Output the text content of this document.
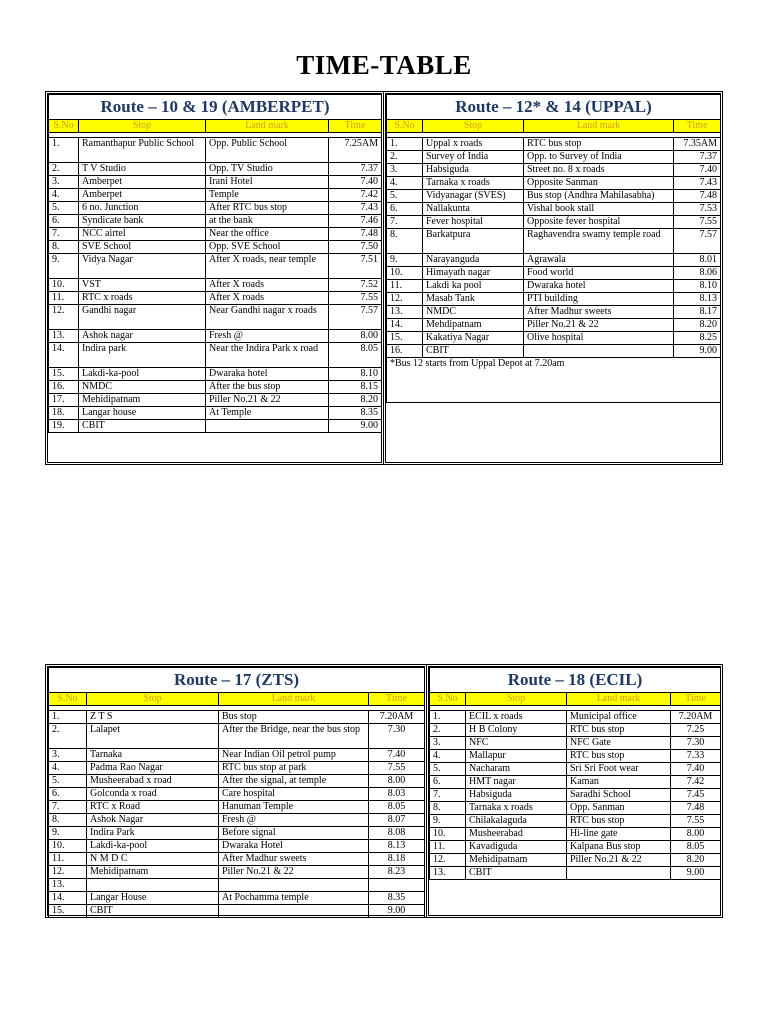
TIME-TABLE
Route – 10 & 19 (AMBERPET)			
S.No	Stop	Land mark	Time

1.	Ramanthapur Public School	Opp. Public School	7.25AM
2.	T V Studio	Opp. TV Studio	7.37
3.	Amberpet	Irani Hotel	7.40
4.	Amberpet	Temple	7.42
5.	6 no. Junction	After RTC bus stop	7.43
6.	Syndicate bank	at the bank	7.46
7.	NCC airtel	Near the office	7.48
8.	SVE School	Opp. SVE School	7.50
9.	Vidya Nagar	After X roads, near temple	7.51
10.	VST	After X roads	7.52
11.	RTC x roads	After X roads	7.55
12.	Gandhi nagar	Near Gandhi nagar x roads	7.57
13.	Ashok nagar	Fresh @	8.00
14.	Indira park	Near the Indira Park x road	8.05
15.	Lakdi-ka-pool	Dwaraka hotel	8.10
16.	NMDC	After the bus stop	8.15
17.	Mehidipatnam	Piller No.21 & 22	8.20
18.	Langar house	At Temple	8.35
19.	CBIT		9.00
Route – 12* & 14 (UPPAL)			
S.No	Stop	Land mark	Time

1.	Uppal x roads	RTC bus stop	7.35AM
2.	Survey of India	Opp. to Survey of India	7.37
3.	Habsiguda	Street no. 8 x roads	7.40
4.	Tarnaka x roads	Opposite Sanman	7.43
5.	Vidyanagar (SVES)	Bus stop (Andhra Mahilasabha)	7.48
6.	Nallakunta	Vishal book stall	7.53
7.	Fever hospital	Opposite fever hospital	7.55
8.	Barkatpura	Raghavendra swamy temple road	7.57
9.	Narayanguda	Agrawala	8.01
10.	Himayath nagar	Food world	8.06
11.	Lakdi ka pool	Dwaraka hotel	8.10
12.	Masab Tank	PTI building	8.13
13.	NMDC	After Madhur sweets	8.17
14.	Mehdipatnam	Piller No.21 & 22	8.20
15.	Kakatiya Nagar	Olive hospital	8.25
16.	CBIT		9.00
*Bus 12 starts from Uppal Depot at 7.20am			
Route – 17 (ZTS)			
S.No	Stop	Land mark	Time

1.	Z T S	Bus stop	7.20AM
2.	Lalapet	After the Bridge, near the bus stop	7.30
3.	Tarnaka	Near Indian Oil petrol pump	7.40
4.	Padma Rao Nagar	RTC bus stop at park	7.55
5.	Musheerabad x road	After the signal, at temple	8.00
6.	Golconda x road	Care hospital	8.03
7.	RTC x Road	Hanuman Temple	8.05
8.	Ashok Nagar	Fresh @	8.07
9.	Indira Park	Before signal	8.08
10.	Lakdi-ka-pool	Dwaraka Hotel	8.13
11.	N M D C	After Madhur sweets	8.18
12.	Mehidipatnam	Piller No.21 & 22	8.23
13.			
14.	Langar House	At Pochamma temple	8.35
15.	CBIT		9.00
Route – 18 (ECIL)			
S.No	Stop	Land mark	Time

1.	ECIL x roads	Municipal office	7.20AM
2.	H B Colony	RTC bus stop	7.25
3.	NFC	NFC Gate	7.30
4.	Mallapur	RTC bus stop	7.33
5.	Nacharam	Sri Sri Foot wear	7.40
6.	HMT nagar	Kaman	7.42
7.	Habsiguda	Saradhi School	7.45
8.	Tarnaka x roads	Opp. Sanman	7.48
9.	Chilakalaguda	RTC bus stop	7.55
10.	Musheerabad	Hi-line gate	8.00
11.	Kavadiguda	Kalpana Bus stop	8.05
12.	Mehidipatnam	Piller No.21 & 22	8.20
13.	CBIT		9.00
